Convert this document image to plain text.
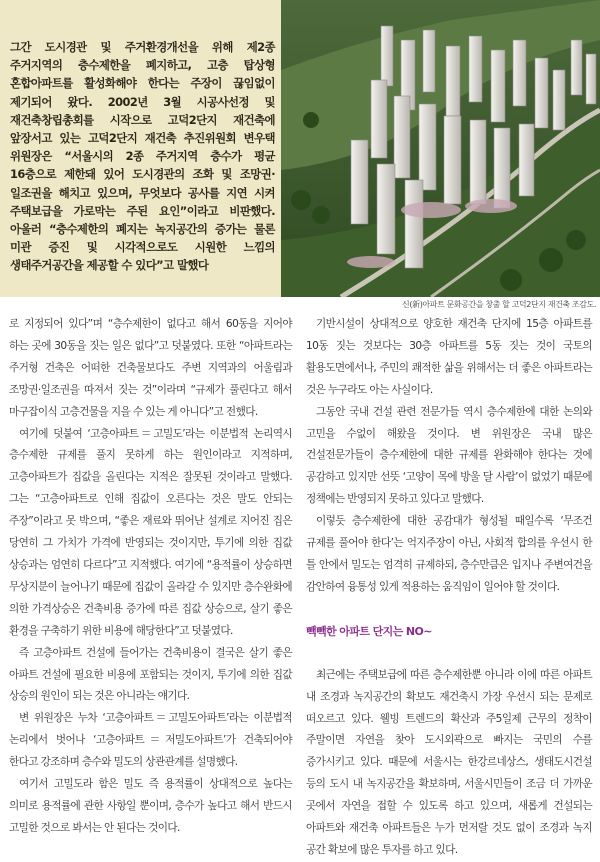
그간 도시경관 및 주거환경개선을 위해 제2종 주거지역의 층수제한을 폐지하고, 고층 탑상형 혼합아파트를 활성화해야 한다는 주장이 끊임없이 제기되어 왔다. 2002년 3월 시공사선정 및 재건축창립총회를 시작으로 고덕2단지 재건축에 앞장서고 있는 고덕2단지 재건축 추진위원회 변우택 위원장은 “서울시의 2종 주거지역 층수가 평균 16층으로 제한돼 있어 도시경관의 조화 및 조망권·일조권을 해치고 있으며, 무엇보다 공사를 지연 시켜 주택보급을 가로막는 주된 요인”이라고 비판했다. 아울러 “층수제한의 폐지는 녹지공간의 증가는 물론 미관 증진 및 시각적으로도 시원한 느낌의 생태주거공간을 제공할 수 있다”고 말했다

신(新)아파트 문화공간을 창출 할 고덕2단지 재건축 조감도.

로 지정되어 있다”며 “층수제한이 없다고 해서 60동을 지어야 하는 곳에 30동을 짓는 일은 없다”고 덧붙였다. 또한 “아파트라는 주거형 건축은 어떠한 건축물보다도 주변 지역과의 어울림과 조망권·일조권을 따져서 짓는 것”이라며 “규제가 풀린다고 해서 마구잡이식 고층건물을 지을 수 있는 게 아니다”고 전했다.

여기에 덧붙여 ‘고층아파트＝고밀도’라는 이분법적 논리역시 층수제한 규제를 풀지 못하게 하는 원인이라고 지적하며, 고층아파트가 집값을 올린다는 지적은 잘못된 것이라고 말했다. 그는 “고층아파트로 인해 집값이 오른다는 것은 말도 안되는 주장”이라고 못 박으며, “좋은 재료와 뛰어난 설계로 지어진 집은 당연히 그 가치가 가격에 반영되는 것이지만, 투기에 의한 집값 상승과는 엄연히 다르다”고 지적했다. 여기에 “용적률이 상승하면 무상지분이 늘어나기 때문에 집값이 올라갈 수 있지만 층수완화에 의한 가격상승은 건축비용 증가에 따른 집값 상승으로, 살기 좋은 환경을 구축하기 위한 비용에 해당한다”고 덧붙였다.

즉 고층아파트 건설에 들어가는 건축비용이 결국은 살기 좋은 아파트 건설에 필요한 비용에 포함되는 것이지, 투기에 의한 집값 상승의 원인이 되는 것은 아니라는 얘기다.

변 위원장은 누차 ‘고층아파트＝고밀도아파트’라는 이분법적 논리에서 벗어나 ‘고층아파트＝저밀도아파트’가 건축되어야 한다고 강조하며 층수와 밀도의 상관관계를 설명했다.

여기서 고밀도라 함은 밀도 즉 용적률이 상대적으로 높다는 의미로 용적률에 관한 사항일 뿐이며, 층수가 높다고 해서 반드시 고밀한 것으로 봐서는 안 된다는 것이다.

기반시설이 상대적으로 양호한 재건축 단지에 15층 아파트를 10동 짓는 것보다는 30층 아파트를 5동 짓는 것이 국토의 활용도면에서나, 주민의 쾌적한 삶을 위해서는 더 좋은 아파트라는 것은 누구라도 아는 사실이다.

그동안 국내 건설 관련 전문가들 역시 층수제한에 대한 논의와 고민을 수없이 해왔을 것이다. 변 위원장은 국내 많은 건설전문가들이 층수제한에 대한 규제를 완화해야 한다는 것에 공감하고 있지만 선뜻 ‘고양이 목에 방울 달 사람’이 없었기 때문에 정책에는 반영되지 못하고 있다고 말했다.

이렇듯 층수제한에 대한 공감대가 형성될 때일수록 ‘무조건 규제를 풀어야 한다’는 억지주장이 아닌, 사회적 합의를 우선시 한 틀 안에서 밀도는 엄격히 규제하되, 층수만큼은 입지나 주변여건을 감안하여 융통성 있게 적용하는 움직임이 일어야 할 것이다.

빽빽한 아파트 단지는 NO~

최근에는 주택보급에 따른 층수제한뿐 아니라 이에 따른 아파트 내 조경과 녹지공간의 확보도 재건축시 가장 우선시 되는 문제로 떠오르고 있다. 웰빙 트렌드의 확산과 주5일제 근무의 정착이 주말이면 자연을 찾아 도시외곽으로 빠지는 국민의 수를 증가시키고 있다. 때문에 서울시는 한강르네상스, 생태도시건설 등의 도시 내 녹지공간을 확보하며, 서울시민들이 조금 더 가까운 곳에서 자연을 접할 수 있도록 하고 있으며, 새롭게 건설되는 아파트와 재건축 아파트들은 누가 먼저랄 것도 없이 조경과 녹지 공간 확보에 많은 투자를 하고 있다.
